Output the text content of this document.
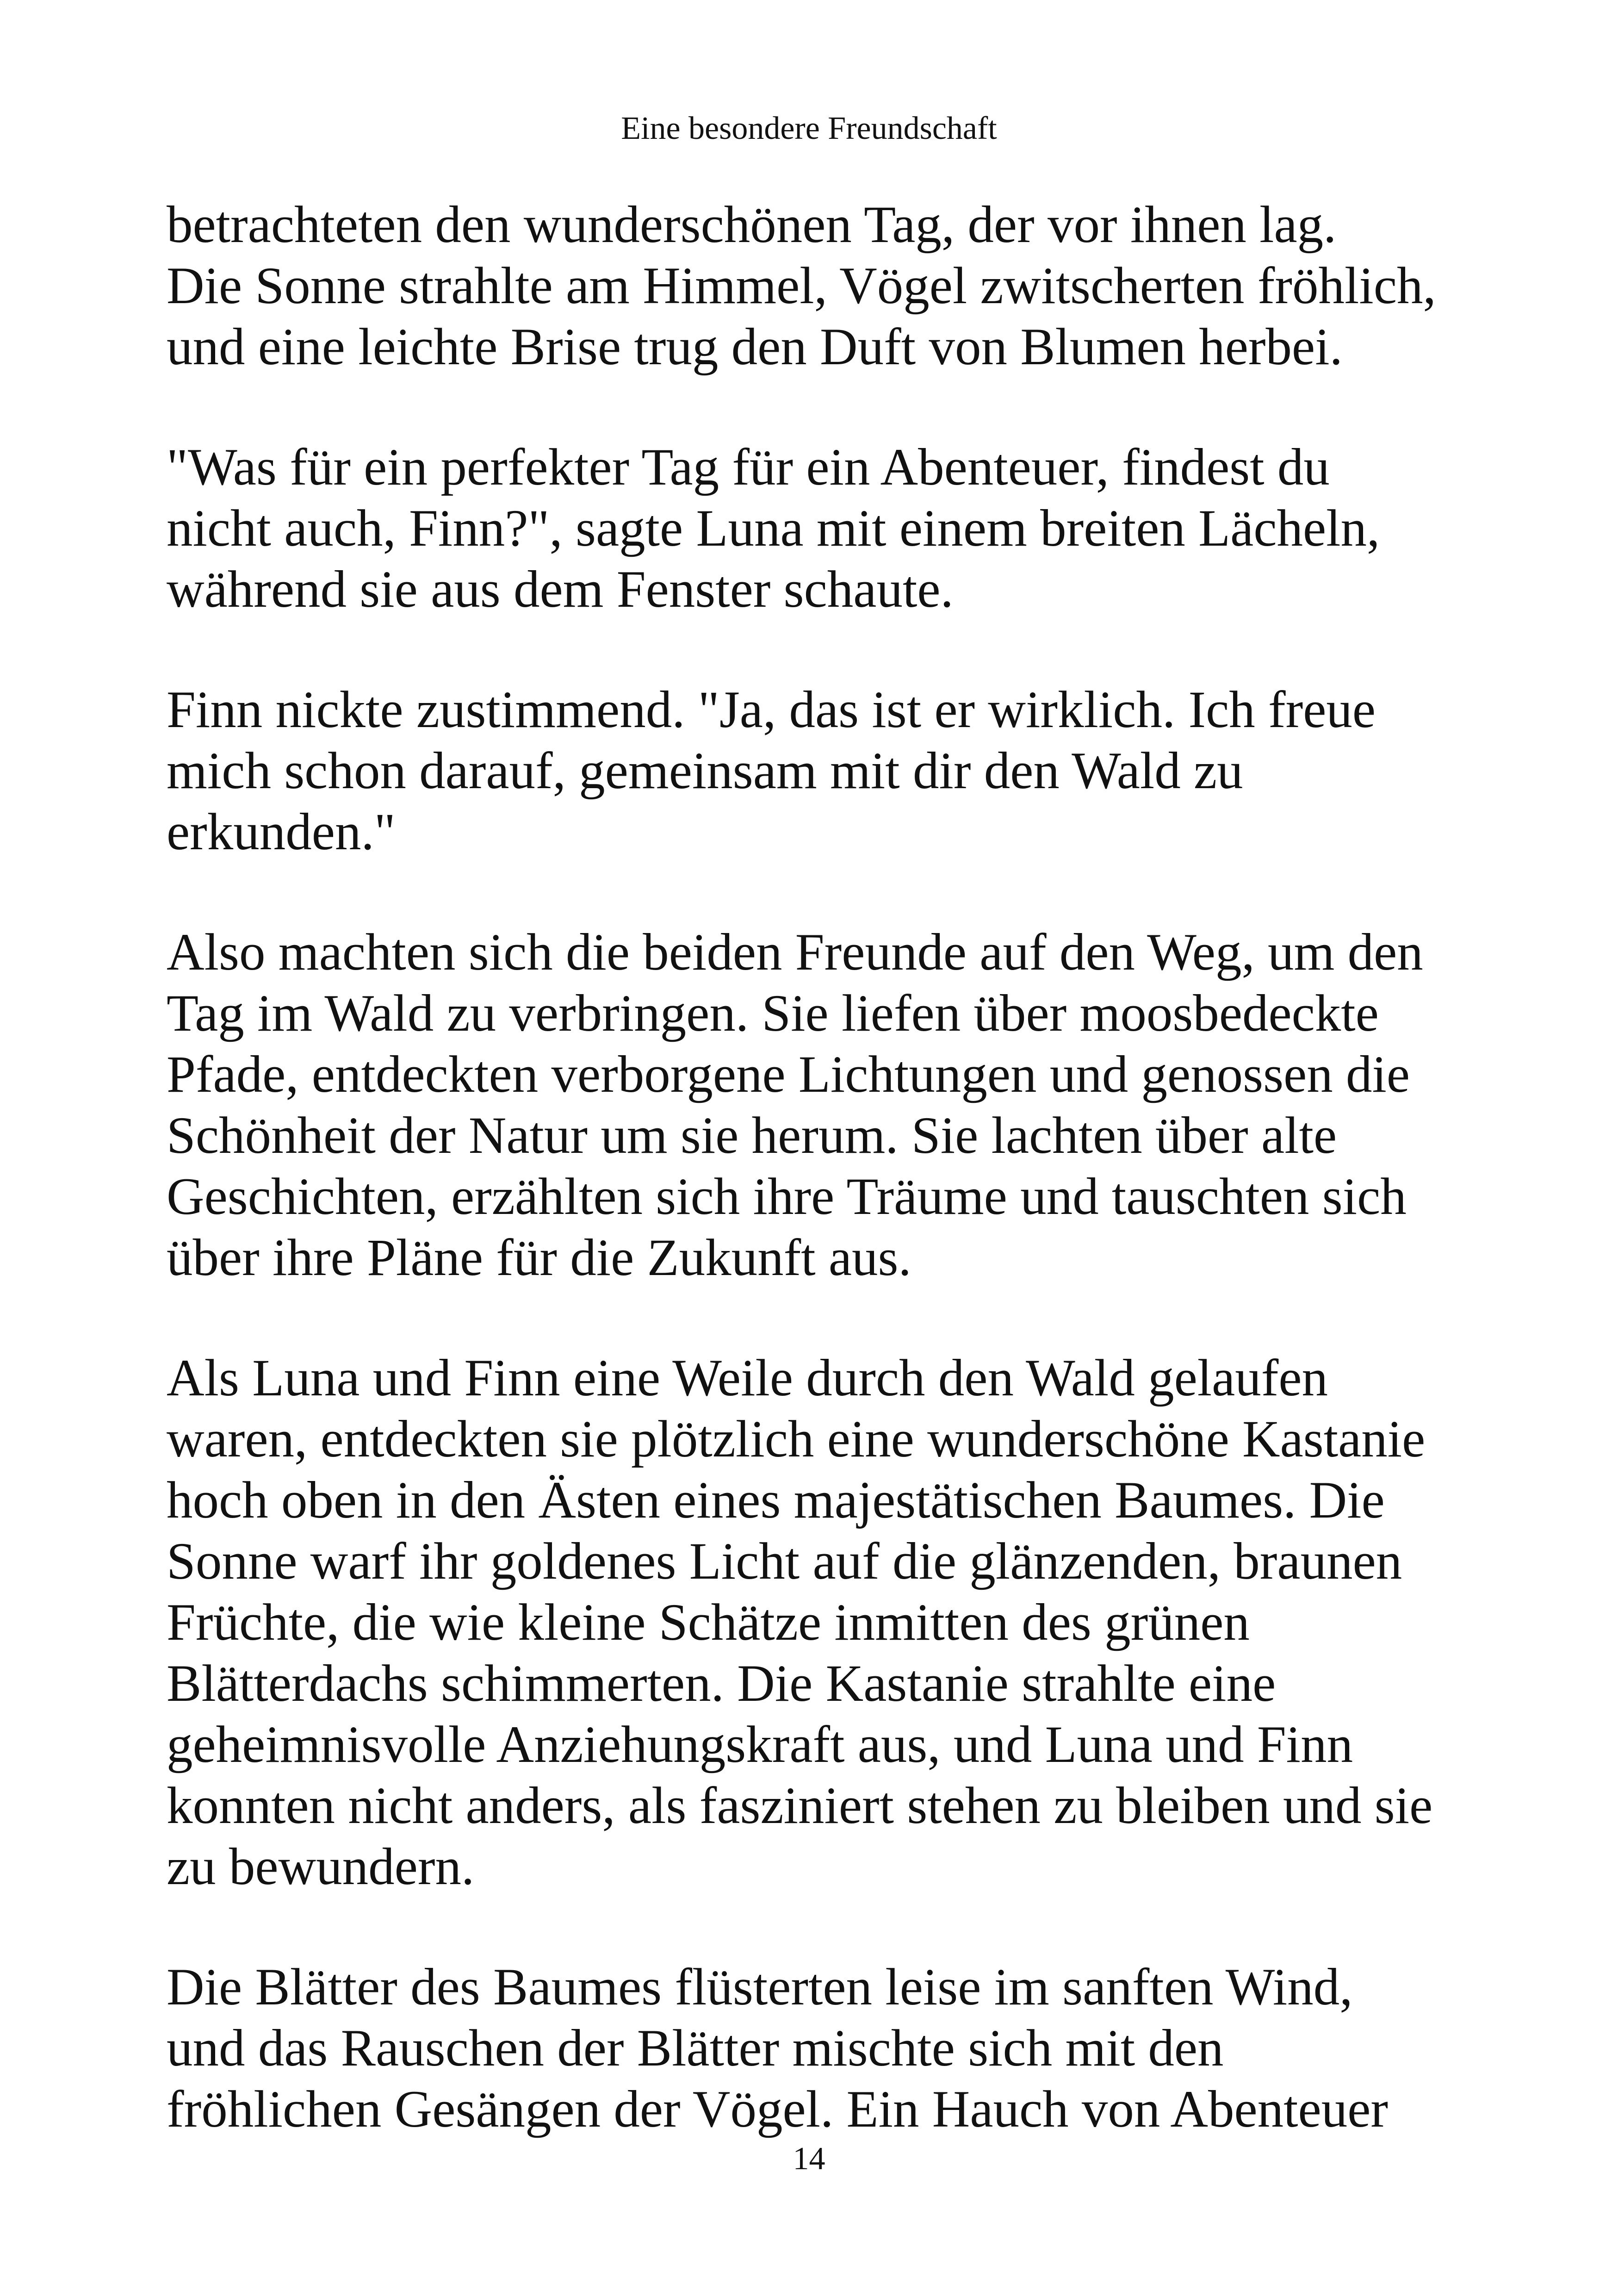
Eine besondere Freundschaft

betrachteten den wunderschönen Tag, der vor ihnen lag.
Die Sonne strahlte am Himmel, Vögel zwitscherten fröhlich,
und eine leichte Brise trug den Duft von Blumen herbei.

"Was für ein perfekter Tag für ein Abenteuer, findest du
nicht auch, Finn?", sagte Luna mit einem breiten Lächeln,
während sie aus dem Fenster schaute.

Finn nickte zustimmend. "Ja, das ist er wirklich. Ich freue
mich schon darauf, gemeinsam mit dir den Wald zu
erkunden."

Also machten sich die beiden Freunde auf den Weg, um den
Tag im Wald zu verbringen. Sie liefen über moosbedeckte
Pfade, entdeckten verborgene Lichtungen und genossen die
Schönheit der Natur um sie herum. Sie lachten über alte
Geschichten, erzählten sich ihre Träume und tauschten sich
über ihre Pläne für die Zukunft aus.

Als Luna und Finn eine Weile durch den Wald gelaufen
waren, entdeckten sie plötzlich eine wunderschöne Kastanie
hoch oben in den Ästen eines majestätischen Baumes. Die
Sonne warf ihr goldenes Licht auf die glänzenden, braunen
Früchte, die wie kleine Schätze inmitten des grünen
Blätterdachs schimmerten. Die Kastanie strahlte eine
geheimnisvolle Anziehungskraft aus, und Luna und Finn
konnten nicht anders, als fasziniert stehen zu bleiben und sie
zu bewundern.

Die Blätter des Baumes flüsterten leise im sanften Wind,
und das Rauschen der Blätter mischte sich mit den
fröhlichen Gesängen der Vögel. Ein Hauch von Abenteuer

14
